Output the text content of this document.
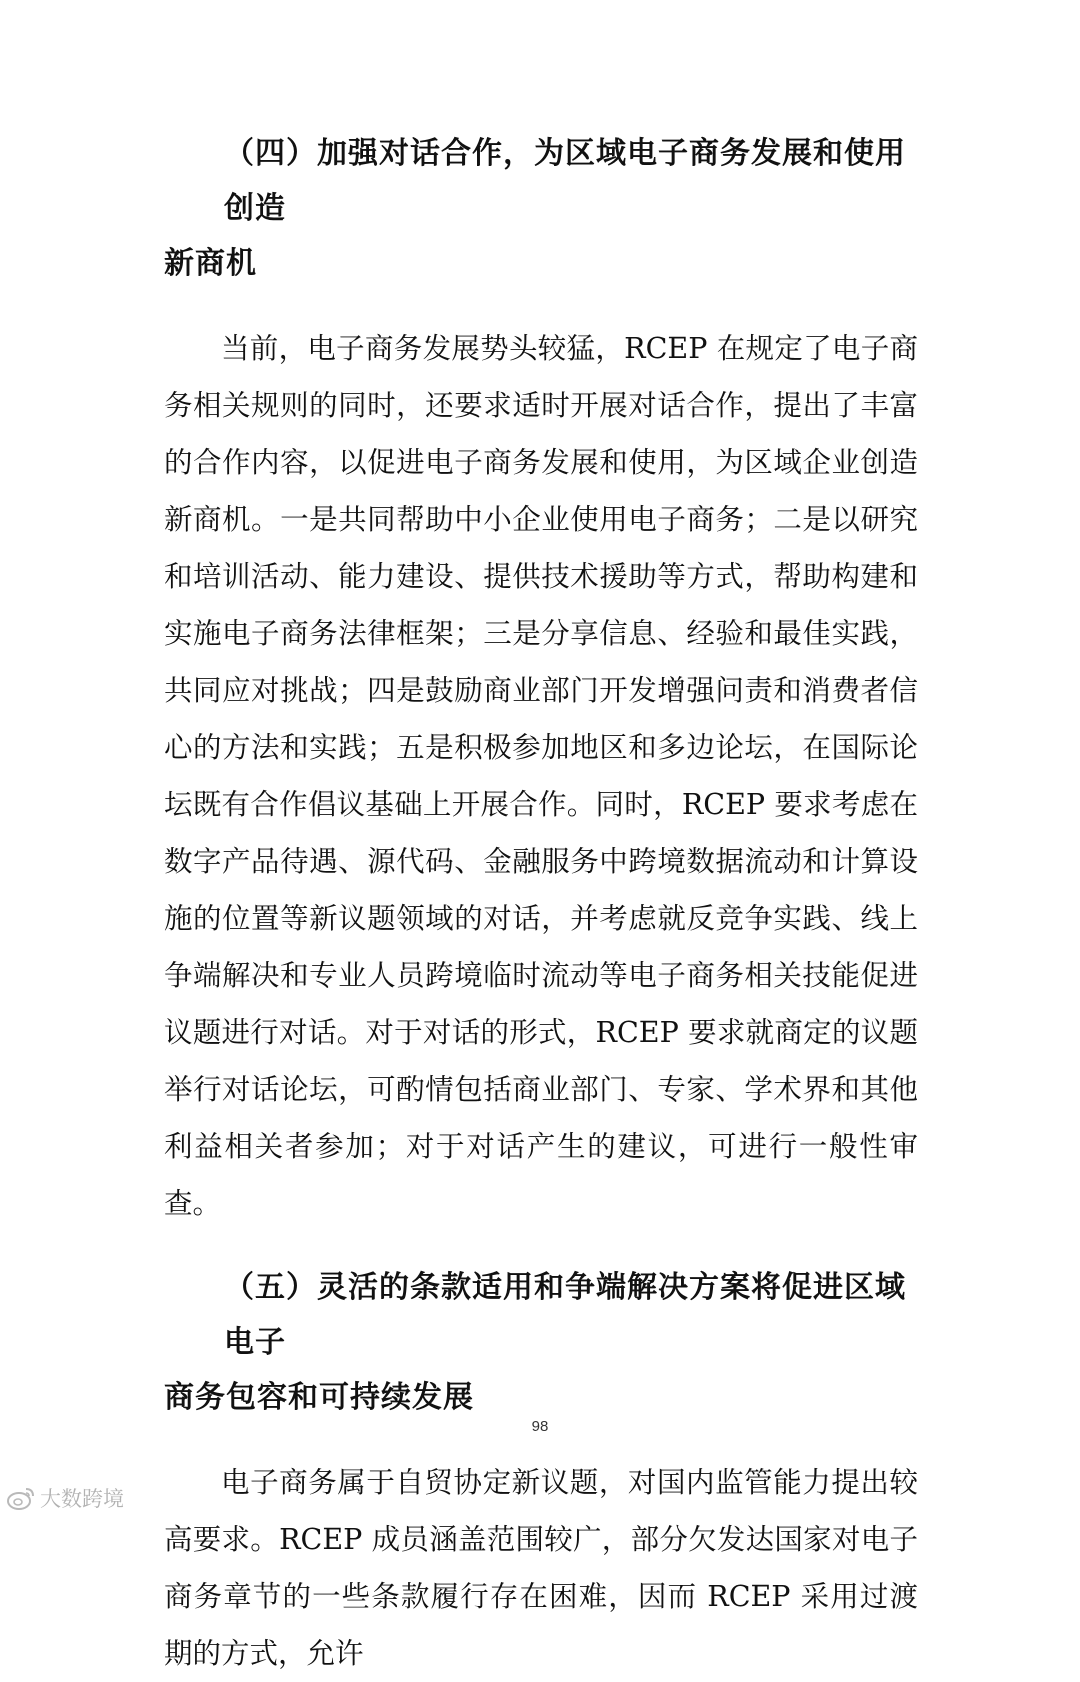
（四）加强对话合作，为区域电子商务发展和使用创造
新商机

当前，电子商务发展势头较猛，RCEP 在规定了电子商务相关规则的同时，还要求适时开展对话合作，提出了丰富的合作内容，以促进电子商务发展和使用，为区域企业创造新商机。一是共同帮助中小企业使用电子商务；二是以研究和培训活动、能力建设、提供技术援助等方式，帮助构建和实施电子商务法律框架；三是分享信息、经验和最佳实践，共同应对挑战；四是鼓励商业部门开发增强问责和消费者信心的方法和实践；五是积极参加地区和多边论坛，在国际论坛既有合作倡议基础上开展合作。同时，RCEP 要求考虑在数字产品待遇、源代码、金融服务中跨境数据流动和计算设施的位置等新议题领域的对话，并考虑就反竞争实践、线上争端解决和专业人员跨境临时流动等电子商务相关技能促进议题进行对话。对于对话的形式，RCEP 要求就商定的议题举行对话论坛，可酌情包括商业部门、专家、学术界和其他利益相关者参加；对于对话产生的建议，可进行一般性审查。

（五）灵活的条款适用和争端解决方案将促进区域电子
商务包容和可持续发展

电子商务属于自贸协定新议题，对国内监管能力提出较高要求。RCEP 成员涵盖范围较广，部分欠发达国家对电子商务章节的一些条款履行存在困难，因而 RCEP 采用过渡期的方式，允许

98
大数跨境
